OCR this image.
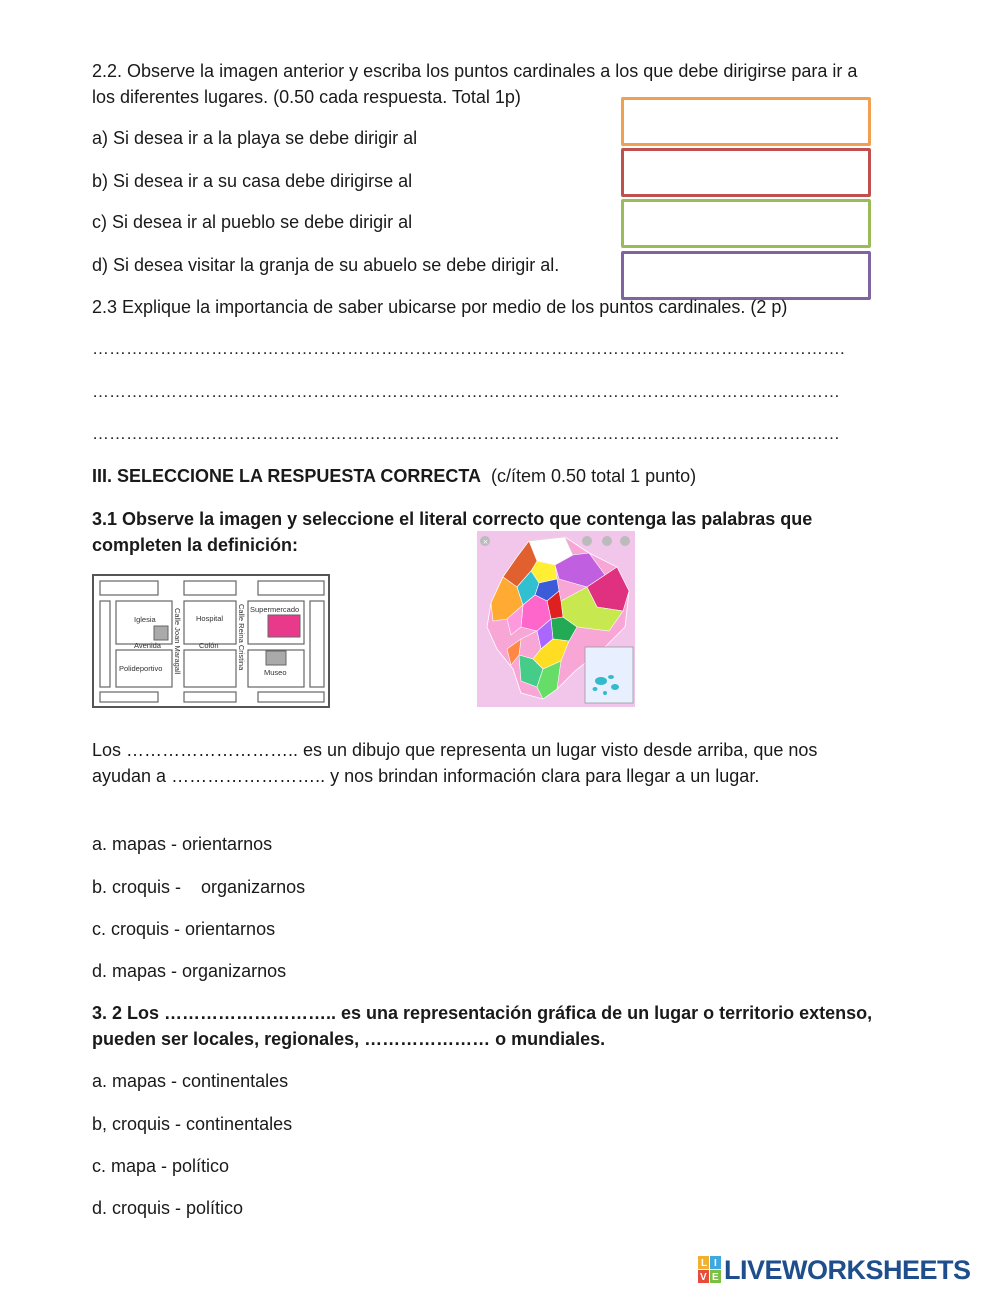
2.2. Observe la imagen anterior y escriba los puntos cardinales a los que debe dirigirse para ir a
los diferentes lugares. (0.50 cada respuesta. Total 1p)
a) Si desea ir a la playa se debe dirigir al
b) Si desea ir a su casa debe dirigirse al
c) Si desea ir al pueblo se debe dirigir al
d) Si desea visitar la granja de su abuelo se debe dirigir al.
2.3 Explique la importancia de saber ubicarse por medio de los puntos cardinales. (2 p)
…………………………………………………………………………………………………………………….
……………………………………………………………………………………………………………………
……………………………………………………………………………………………………………………
III. SELECCIONE LA RESPUESTA CORRECTA  (c/ítem 0.50 total 1 punto)
3.1 Observe la imagen y seleccione el literal correcto que contenga las palabras que
completen la definición:
Iglesia	Hospital
Supermercado
Avenida	Colón
Polideportivo	Museo
Calle Joan Maragall	Calle Reina Cristina
×
Los ……………………….. es un dibujo que representa un lugar visto desde arriba, que nos
ayudan a …………………….. y nos brindan información clara para llegar a un lugar.
a. mapas - orientarnos
b. croquis -    organizarnos
c. croquis - orientarnos
d. mapas - organizarnos
3. 2 Los ……………………….. es una representación gráfica de un lugar o territorio extenso,
pueden ser locales, regionales, ………………… o mundiales.
a. mapas - continentales
b, croquis - continentales
c. mapa - político
d. croquis - político
L I
V E LIVEWORKSHEETS
